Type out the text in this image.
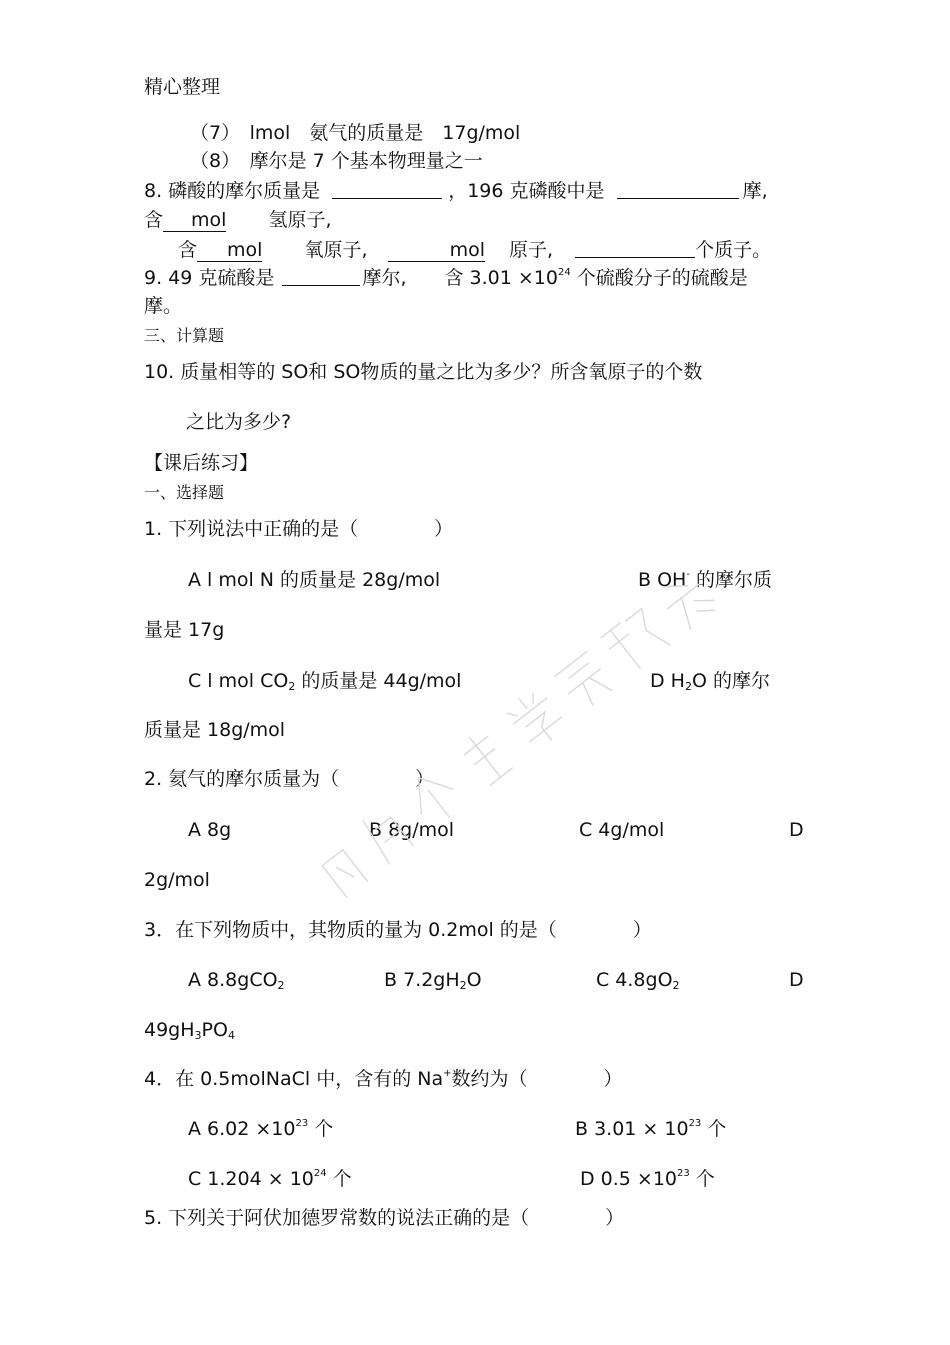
精心整理
（7）　lmol　氨气的质量是　17g/mol
（8）　摩尔是 7 个基本物理量之一
8. 磷酸的摩尔质量是	，196 克磷酸中是	摩,
含 mol 氢原子,
含 mol 氧原子,	mol 原子,	个质子。
9. 49 克硫酸是	摩尔,　　含 $3.01 \times 10^{24}$ 个硫酸分子的硫酸是
摩。
三、计算题
10. 质量相等的 SO和 SO物质的量之比为多少？所含氧原子的个数
之比为多少?
【课后练习】
一、选择题
1. 下列说法中正确的是（　　　　）
A l mol N 的质量是 28g/mol	B OH- 的摩尔质
量是 17g
C l mol $CO_2$ 的质量是 44g/mol	D $H_2O$ 的摩尔
质量是 18g/mol
2. 氦气的摩尔质量为（　　　　）
A 8g	B 8g/mol	C 4g/mol	D
2g/mol
3．在下列物质中，其物质的量为 0.2mol 的是（　　　　）
A 8.8gCO$_2$	B $7.2gH_2O$	C $4.8gO_2$	D
$49gH_3PO_4$
4．在 0.5molNaCl 中，含有的 Na+数约为（　　　　）
A $6.02 \times 10^{23}$ 个	B $3.01 \times 10^{23}$ 个
C $1.204 \times 10^{24}$ 个	D $0.5 \times 10^{23}$ 个
5. 下列关于阿伏加德罗常数的说法正确的是（　　　　）
